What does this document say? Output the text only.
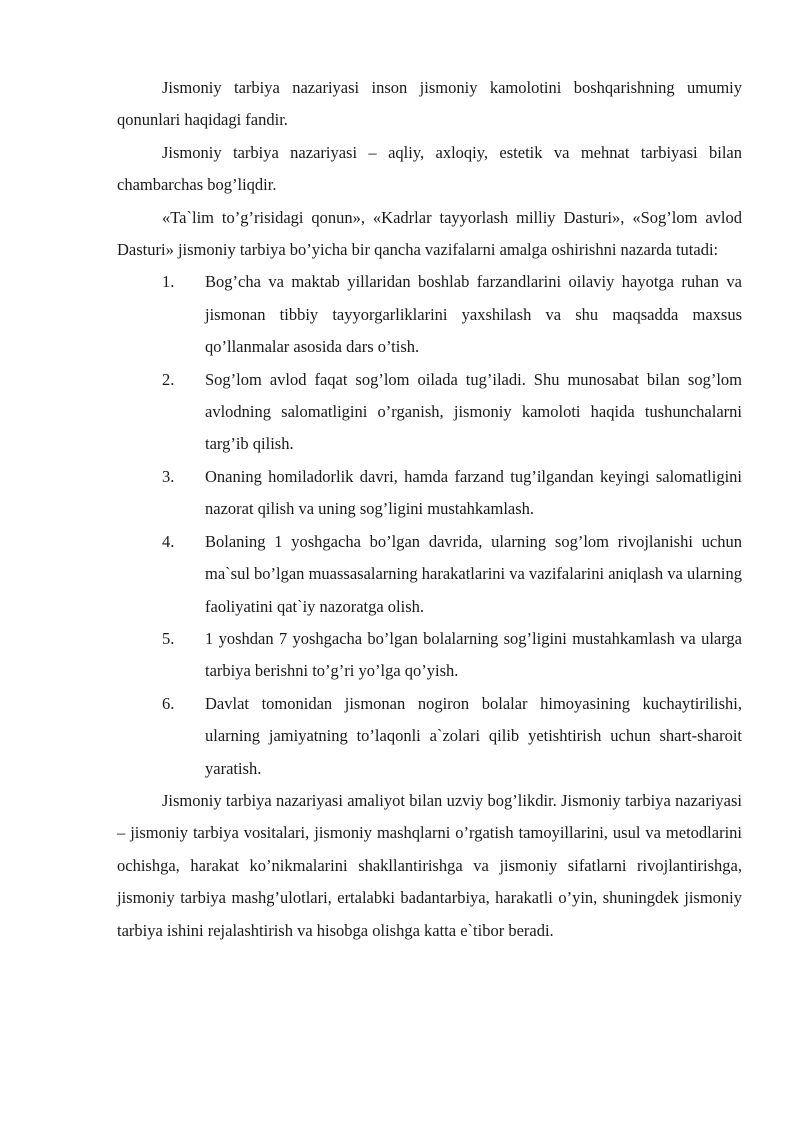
Jismoniy tarbiya nazariyasi inson jismoniy kamolotini boshqarishning umumiy qonunlari haqidagi fandir.

Jismoniy tarbiya nazariyasi – aqliy, axloqiy, estetik va mehnat tarbiyasi bilan chambarchas bog’liqdir.

«Ta`lim to’g’risidagi qonun», «Kadrlar tayyorlash milliy Dasturi», «Sog’lom avlod Dasturi» jismoniy tarbiya bo’yicha bir qancha vazifalarni amalga oshirishni nazarda tutadi:

1. Bog’cha va maktab yillaridan boshlab farzandlarini oilaviy hayotga ruhan va jismonan tibbiy tayyorgarliklarini yaxshilash va shu maqsadda maxsus qo’llanmalar asosida dars o’tish.
2. Sog’lom avlod faqat sog’lom oilada tug’iladi. Shu munosabat bilan sog’lom avlodning salomatligini o’rganish, jismoniy kamoloti haqida tushunchalarni targ’ib qilish.
3. Onaning homiladorlik davri, hamda farzand tug’ilgandan keyingi salomatligini nazorat qilish va uning sog’ligini mustahkamlash.
4. Bolaning 1 yoshgacha bo’lgan davrida, ularning sog’lom rivojlanishi uchun ma`sul bo’lgan muassasalarning harakatlarini va vazifalarini aniqlash va ularning faoliyatini qat`iy nazoratga olish.
5. 1 yoshdan 7 yoshgacha bo’lgan bolalarning sog’ligini mustahkamlash va ularga tarbiya berishni to’g’ri yo’lga qo’yish.
6. Davlat tomonidan jismonan nogiron bolalar himoyasining kuchaytirilishi, ularning jamiyatning to’laqonli a`zolari qilib yetishtirish uchun shart-sharoit yaratish.

Jismoniy tarbiya nazariyasi amaliyot bilan uzviy bog’likdir. Jismoniy tarbiya nazariyasi – jismoniy tarbiya vositalari, jismoniy mashqlarni o’rgatish tamoyillarini, usul va metodlarini ochishga, harakat ko’nikmalarini shakllantirishga va jismoniy sifatlarni rivojlantirishga, jismoniy tarbiya mashg’ulotlari, ertalabki badantarbiya, harakatli o’yin, shuningdek jismoniy tarbiya ishini rejalashtirish va hisobga olishga katta e`tibor beradi.
